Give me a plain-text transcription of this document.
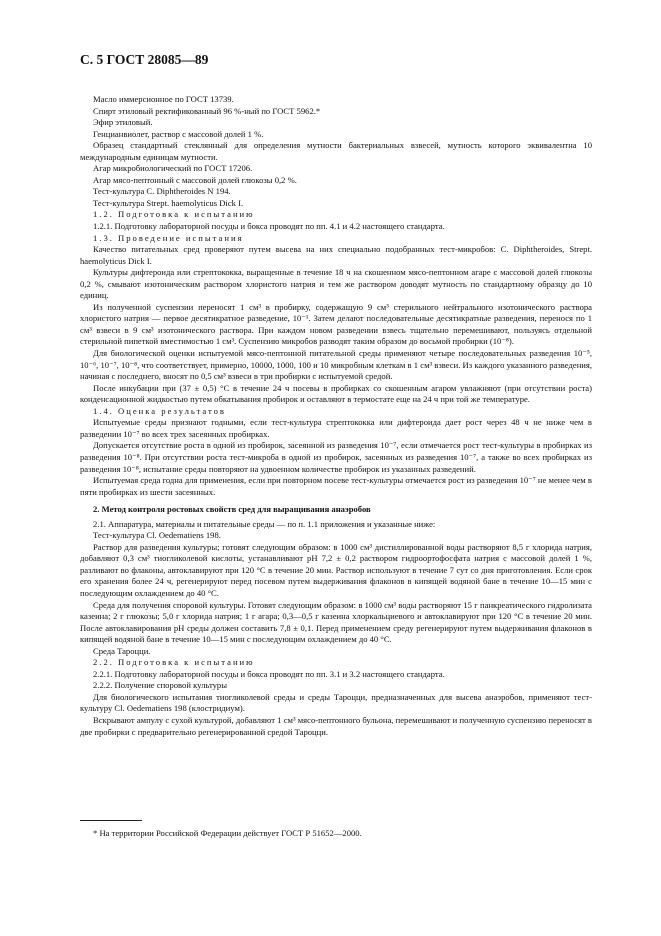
С. 5 ГОСТ 28085—89

Масло иммерсионное по ГОСТ 13739.

Спирт этиловый ректификованный 96 %-ный по ГОСТ 5962.*

Эфир этиловый.

Генцианвиолет, раствор с массовой долей 1 %.

Образец стандартный стеклянный для определения мутности бактериальных взвесей, мутность которого эквивалентна 10 международным единицам мутности.

Агар микробиологический по ГОСТ 17206.

Агар мясо-пептонный с массовой долей глюкозы 0,2 %.

Тест-культура C. Diphtheroides N 194.

Тест-культура Strept. haemolyticus Dick I.

1.2. Подготовка к испытанию

1.2.1. Подготовку лабораторной посуды и бокса проводят по пп. 4.1 и 4.2 настоящего стандарта.

1.3. Проведение испытания

Качество питательных сред проверяют путем высева на них специально подобранных тест-микробов: C. Diphtheroides, Strept. haemolyticus Dick I.

Культуры дифтероида или стрептококка, выращенные в течение 18 ч на скошенном мясо-пептонном агаре с массовой долей глюкозы 0,2 %, смывают изотоническим раствором хлористого натрия и тем же раствором доводят мутность по стандартному образцу до 10 единиц.

Из полученной суспензии переносят 1 см³ в пробирку, содержащую 9 см³ стерильного нейтрального изотонического раствора хлористого натрия — первое десятикратное разведение, 10⁻¹. Затем делают последовательные десятикратные разведения, перенося по 1 см³ взвеси в 9 см³ изотонического раствора. При каждом новом разведении взвесь тщательно перемешивают, пользуясь отдельной стерильной пипеткой вместимостью 1 см³. Суспензию микробов разводят таким образом до восьмой пробирки (10⁻⁸).

Для биологической оценки испытуемой мясо-пептонной питательной среды применяют четыре последовательных разведения 10⁻⁵, 10⁻⁶, 10⁻⁷, 10⁻⁸, что соответствует, примерно, 10000, 1000, 100 и 10 микробным клеткам в 1 см³ взвеси. Из каждого указанного разведения, начиная с последнего, вносят по 0,5 см³ взвеси в три пробирки с испытуемой средой.

После инкубации при (37 ± 0,5) °С в течение 24 ч посевы в пробирках со скошенным агаром увлажняют (при отсутствии роста) конденсационной жидкостью путем обкатывания пробирок и оставляют в термостате еще на 24 ч при той же температуре.

1.4. Оценка результатов

Испытуемые среды признают годными, если тест-культура стрептококка или дифтероида дает рост через 48 ч не ниже чем в разведении 10⁻⁷ во всех трех засеянных пробирках.

Допускается отсутствие роста в одной из пробирок, засеянной из разведения 10⁻⁷, если отмечается рост тест-культуры в пробирках из разведения 10⁻⁸. При отсутствии роста тест-микроба в одной из пробирок, засеянных из разведения 10⁻⁷, а также во всех пробирках из разведения 10⁻⁸, испытание среды повторяют на удвоенном количестве пробирок из указанных разведений.

Испытуемая среда годна для применения, если при повторном посеве тест-культуры отмечается рост из разведения 10⁻⁷ не менее чем в пяти пробирках из шести засеянных.

2. Метод контроля ростовых свойств сред для выращивания анаэробов

2.1. Аппаратура, материалы и питательные среды — по п. 1.1 приложения и указанные ниже:

Тест-культура Cl. Oedematiens 198.

Раствор для разведения культуры; готовят следующим образом: в 1000 см³ дистиллированной воды растворяют 8,5 г хлорида натрия, добавляют 0,3 см³ тиогликолевой кислоты, устанавливают pH 7,2 ± 0,2 раствором гидроортофосфата натрия с массовой долей 1 %, разливают во флаконы, автоклавируют при 120 °С в течение 20 мин. Раствор используют в течение 7 сут со дня приготовления. Если срок его хранения более 24 ч, регенерируют перед посевом путем выдерживания флаконов в кипящей водяной бане в течение 10—15 мин с последующим охлаждением до 40 °С.

Среда для получения споровой культуры. Готовят следующим образом: в 1000 см³ воды растворяют 15 г панкреатического гидролизата казеина; 2 г глюкозы; 5,0 г хлорида натрия; 1 г агара; 0,3—0,5 г казеина хлоркальциевого и автоклавируют при 120 °С в течение 20 мин. После автоклавирования pH среды должен составить 7,8 ± 0,1. Перед применением среду регенерируют путем выдерживания флаконов в кипящей водяной бане в течение 10—15 мин с последующим охлаждением до 40 °С.

Среда Тароцци.

2.2. Подготовка к испытанию

2.2.1. Подготовку лабораторной посуды и бокса проводят по пп. 3.1 и 3.2 настоящего стандарта.

2.2.2. Получение споровой культуры

Для биологического испытания тиогликолевой среды и среды Тароцци, предназначенных для высева анаэробов, применяют тест-культуру Cl. Oedematiens 198 (клостридиум).

Вскрывают ампулу с сухой культурой, добавляют 1 см³ мясо-пептонного бульона, перемешивают и полученную суспензию переносят в две пробирки с предварительно регенерированной средой Тароцци.

* На территории Российской Федерации действует ГОСТ Р 51652—2000.
